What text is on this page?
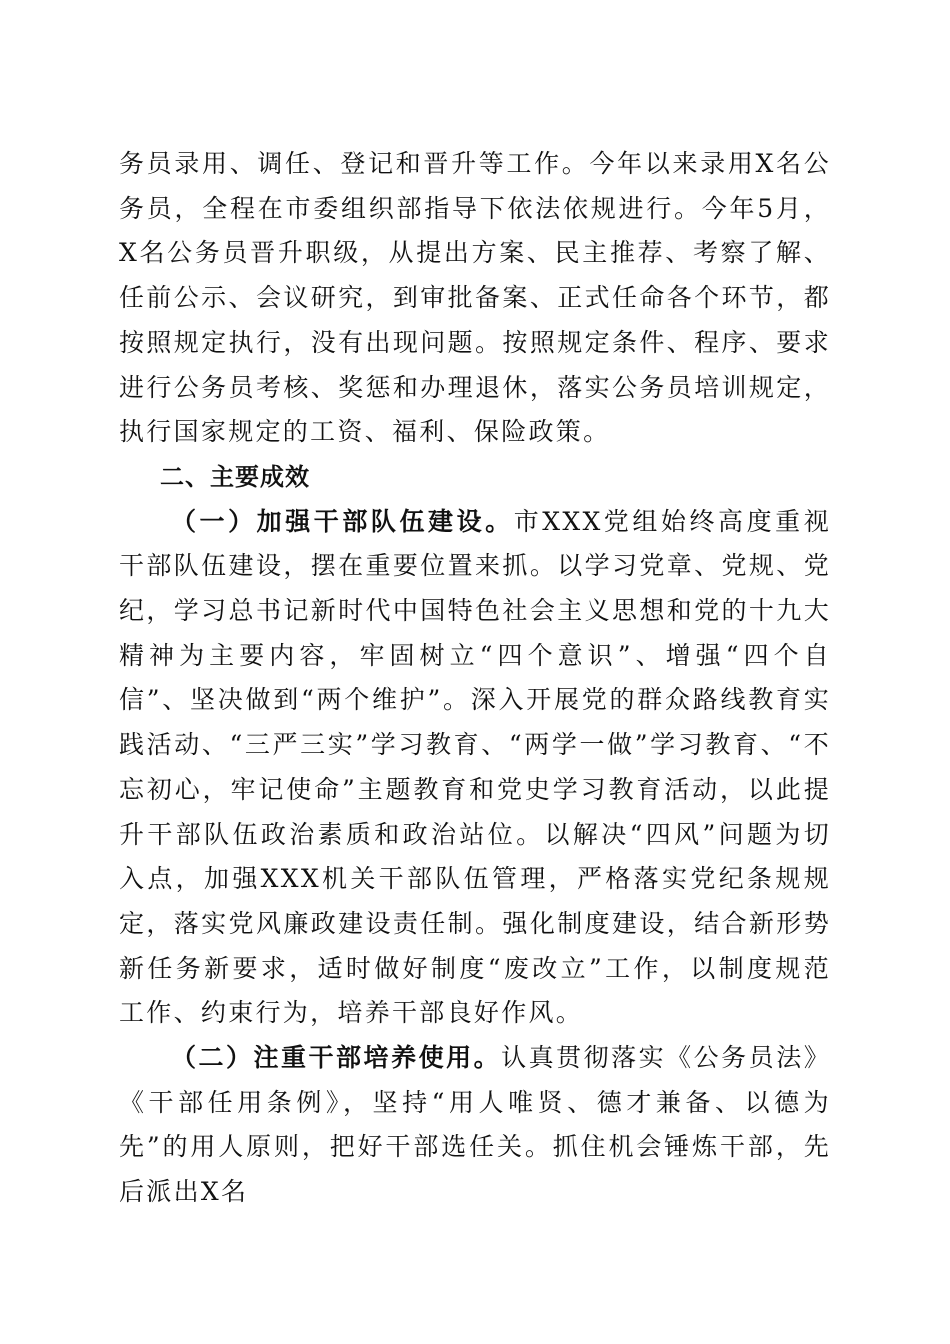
务员录用、调任、登记和晋升等工作。今年以来录用X名公务员，全程在市委组织部指导下依法依规进行。今年5月，X名公务员晋升职级，从提出方案、民主推荐、考察了解、任前公示、会议研究，到审批备案、正式任命各个环节，都按照规定执行，没有出现问题。按照规定条件、程序、要求进行公务员考核、奖惩和办理退休，落实公务员培训规定，执行国家规定的工资、福利、保险政策。

二、主要成效

（一）加强干部队伍建设。市XXX党组始终高度重视干部队伍建设，摆在重要位置来抓。以学习党章、党规、党纪，学习总书记新时代中国特色社会主义思想和党的十九大精神为主要内容，牢固树立“四个意识”、增强“四个自信”、坚决做到“两个维护”。深入开展党的群众路线教育实践活动、“三严三实”学习教育、“两学一做”学习教育、“不忘初心，牢记使命”主题教育和党史学习教育活动，以此提升干部队伍政治素质和政治站位。以解决“四风”问题为切入点，加强XXX机关干部队伍管理，严格落实党纪条规规定，落实党风廉政建设责任制。强化制度建设，结合新形势新任务新要求，适时做好制度“废改立”工作，以制度规范工作、约束行为，培养干部良好作风。

（二）注重干部培养使用。认真贯彻落实《公务员法》《干部任用条例》，坚持“用人唯贤、德才兼备、以德为先”的用人原则，把好干部选任关。抓住机会锤炼干部，先后派出X名
